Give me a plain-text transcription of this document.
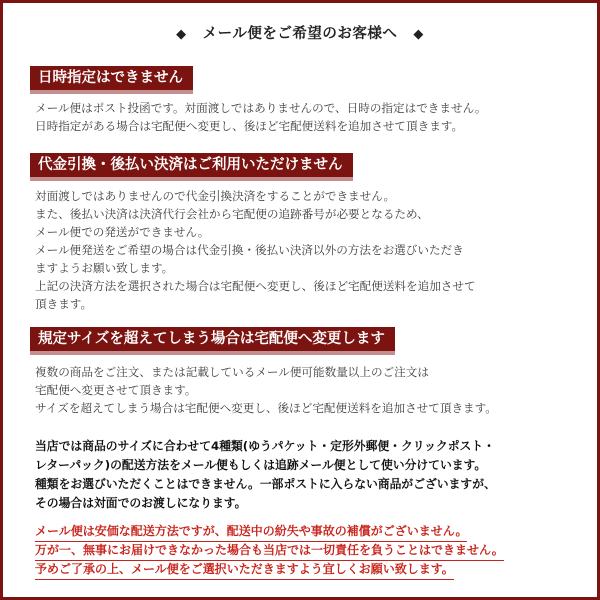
◆ メール便をご希望のお客様へ ◆
日時指定はできません
メール便はポスト投函です。対面渡しではありませんので、日時の指定はできません。
日時指定がある場合は宅配便へ変更し、後ほど宅配便送料を追加させて頂きます。
代金引換・後払い決済はご利用いただけません
対面渡しではありませんので代金引換決済をすることができません。
また、後払い決済は決済代行会社から宅配便の追跡番号が必要となるため、
メール便での発送ができません。
メール便発送をご希望の場合は代金引換・後払い決済以外の方法をお選びいただき
ますようお願い致します。
上記の決済方法を選択された場合は宅配便へ変更し、後ほど宅配便送料を追加させて
頂きます。
規定サイズを超えてしまう場合は宅配便へ変更します
複数の商品をご注文、または記載しているメール便可能数量以上のご注文は
宅配便へ変更させて頂きます。
サイズを超えてしまう場合は宅配便へ変更し、後ほど宅配便送料を追加させて頂きます。
当店では商品のサイズに合わせて4種類(ゆうパケット・定形外郵便・クリックポスト・
レターパック)の配送方法をメール便もしくは追跡メール便として使い分けています。
種類をお選びいただくことはできません。一部ポストに入らない商品がございますが、
その場合は対面でのお渡しになります。
メール便は安価な配送方法ですが、配送中の紛失や事故の補償がございません。
万が一、無事にお届けできなかった場合も当店では一切責任を負うことはできません。
予めご了承の上、メール便をご選択いただきますよう宜しくお願い致します。
